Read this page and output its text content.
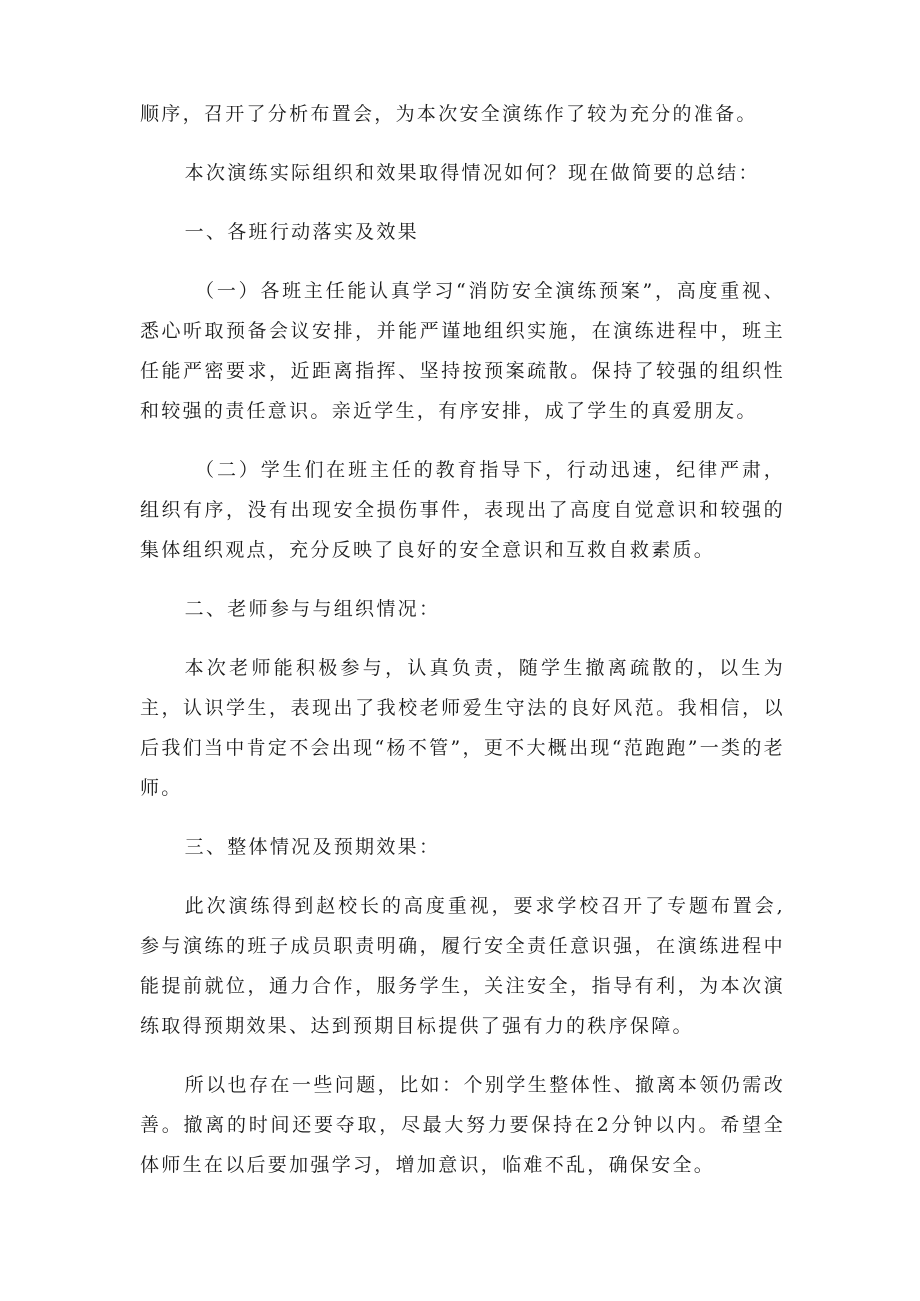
顺序，召开了分析布置会，为本次安全演练作了较为充分的准备。

本次演练实际组织和效果取得情况如何？现在做简要的总结：

一、各班行动落实及效果

（一）各班主任能认真学习“消防安全演练预案”，高度重视、悉心听取预备会议安排，并能严谨地组织实施，在演练进程中，班主任能严密要求，近距离指挥、坚持按预案疏散。保持了较强的组织性和较强的责任意识。亲近学生，有序安排，成了学生的真爱朋友。

（二）学生们在班主任的教育指导下，行动迅速，纪律严肃，组织有序，没有出现安全损伤事件，表现出了高度自觉意识和较强的集体组织观点，充分反映了良好的安全意识和互救自救素质。

二、老师参与与组织情况：

本次老师能积极参与，认真负责，随学生撤离疏散的，以生为主，认识学生，表现出了我校老师爱生守法的良好风范。我相信，以后我们当中肯定不会出现“杨不管”，更不大概出现“范跑跑”一类的老师。

三、整体情况及预期效果：

此次演练得到赵校长的高度重视，要求学校召开了专题布置会,参与演练的班子成员职责明确，履行安全责任意识强，在演练进程中能提前就位，通力合作，服务学生，关注安全，指导有利，为本次演练取得预期效果、达到预期目标提供了强有力的秩序保障。

所以也存在一些问题，比如：个别学生整体性、撤离本领仍需改善。撤离的时间还要夺取，尽最大努力要保持在2分钟以内。希望全体师生在以后要加强学习，增加意识，临难不乱，确保安全。
